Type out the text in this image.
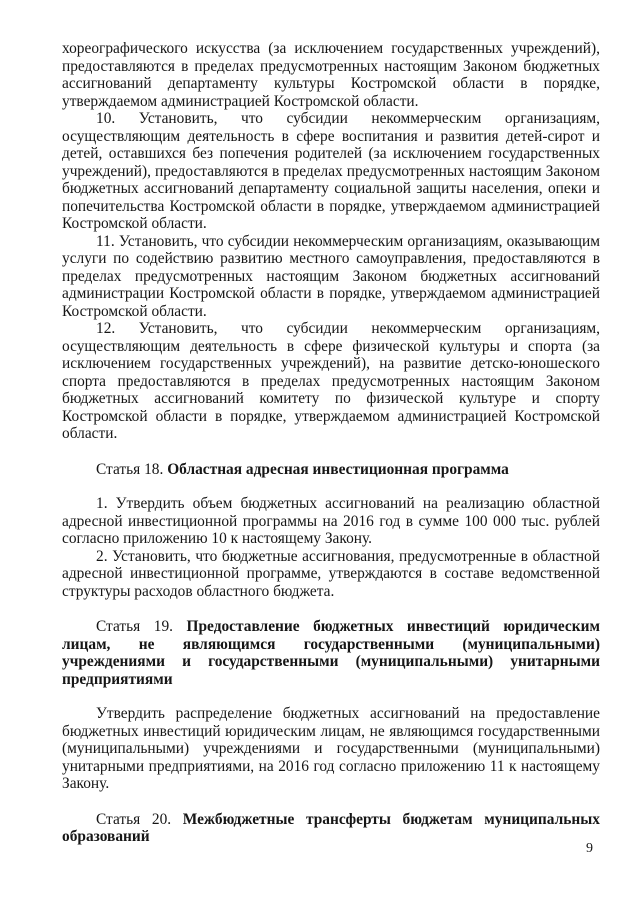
хореографического искусства (за исключением государственных учреждений), предоставляются в пределах предусмотренных настоящим Законом бюджетных ассигнований департаменту культуры Костромской области в порядке, утверждаемом администрацией Костромской области.

10. Установить, что субсидии некоммерческим организациям, осуществляющим деятельность в сфере воспитания и развития детей-сирот и детей, оставшихся без попечения родителей (за исключением государственных учреждений), предоставляются в пределах предусмотренных настоящим Законом бюджетных ассигнований департаменту социальной защиты населения, опеки и попечительства Костромской области в порядке, утверждаемом администрацией Костромской области.

11. Установить, что субсидии некоммерческим организациям, оказывающим услуги по содействию развитию местного самоуправления, предоставляются в пределах предусмотренных настоящим Законом бюджетных ассигнований администрации Костромской области в порядке, утверждаемом администрацией Костромской области.

12. Установить, что субсидии некоммерческим организациям, осуществляющим деятельность в сфере физической культуры и спорта (за исключением государственных учреждений), на развитие детско-юношеского спорта предоставляются в пределах предусмотренных настоящим Законом бюджетных ассигнований комитету по физической культуре и спорту Костромской области в порядке, утверждаемом администрацией Костромской области.

Статья 18. Областная адресная инвестиционная программа

1. Утвердить объем бюджетных ассигнований на реализацию областной адресной инвестиционной программы на 2016 год в сумме 100 000 тыс. рублей согласно приложению 10 к настоящему Закону.

2. Установить, что бюджетные ассигнования, предусмотренные в областной адресной инвестиционной программе, утверждаются в составе ведомственной структуры расходов областного бюджета.

Статья 19. Предоставление бюджетных инвестиций юридическим лицам, не являющимся государственными (муниципальными) учреждениями и государственными (муниципальными) унитарными предприятиями

Утвердить распределение бюджетных ассигнований на предоставление бюджетных инвестиций юридическим лицам, не являющимся государственными (муниципальными) учреждениями и государственными (муниципальными) унитарными предприятиями, на 2016 год согласно приложению 11 к настоящему Закону.

Статья 20. Межбюджетные трансферты бюджетам муниципальных образований
9
